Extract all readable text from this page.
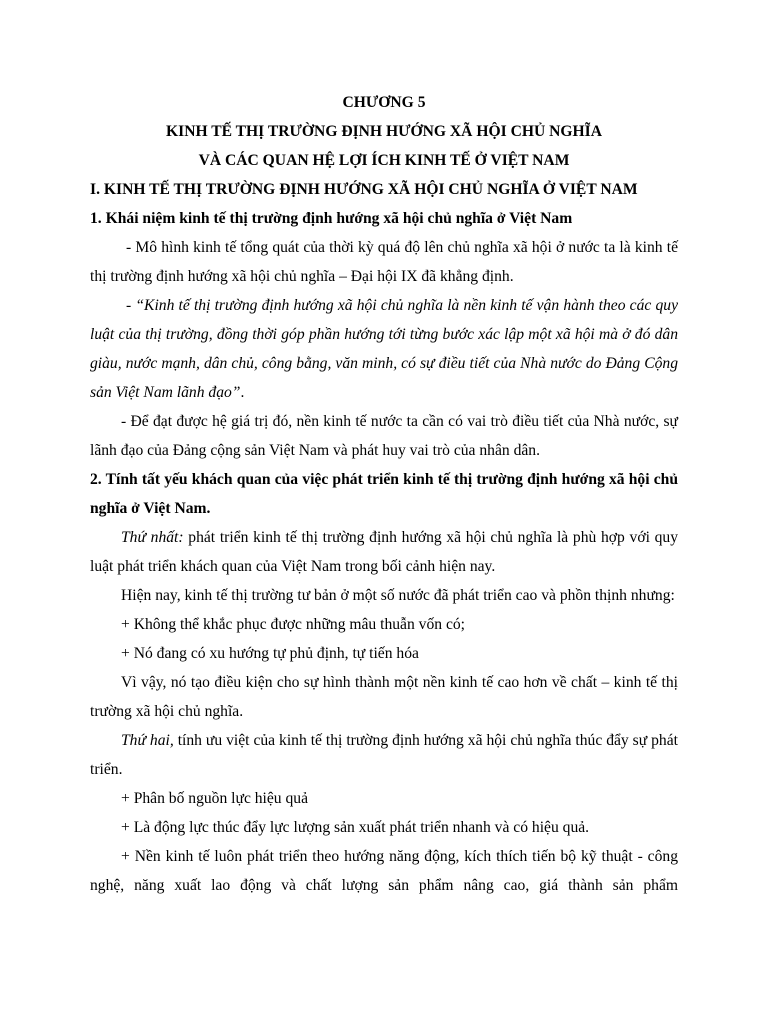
CHƯƠNG 5
KINH TẾ THỊ TRƯỜNG ĐỊNH HƯỚNG XÃ HỘI CHỦ NGHĨA
VÀ CÁC QUAN HỆ LỢI ÍCH KINH TẾ Ở VIỆT NAM
I. KINH TẾ THỊ TRƯỜNG ĐỊNH HƯỚNG XÃ HỘI CHỦ NGHĨA Ở VIỆT NAM
1. Khái niệm kinh tế thị trường định hướng xã hội chủ nghĩa ở Việt Nam

- Mô hình kinh tế tổng quát của thời kỳ quá độ lên chủ nghĩa xã hội ở nước ta là kinh tế thị trường định hướng xã hội chủ nghĩa – Đại hội IX đã khẳng định.

- “Kinh tế thị trường định hướng xã hội chủ nghĩa là nền kinh tế vận hành theo các quy luật của thị trường, đồng thời góp phần hướng tới từng bước xác lập một xã hội mà ở đó dân giàu, nước mạnh, dân chủ, công bằng, văn minh, có sự điều tiết của Nhà nước do Đảng Cộng sản Việt Nam lãnh đạo”.

- Để đạt được hệ giá trị đó, nền kinh tế nước ta cần có vai trò điều tiết của Nhà nước, sự lãnh đạo của Đảng cộng sản Việt Nam và phát huy vai trò của nhân dân.

2. Tính tất yếu khách quan của việc phát triển kinh tế thị trường định hướng xã hội chủ nghĩa ở Việt Nam.

Thứ nhất: phát triển kinh tế thị trường định hướng xã hội chủ nghĩa là phù hợp với quy luật phát triển khách quan của Việt Nam trong bối cảnh hiện nay.

Hiện nay, kinh tế thị trường tư bản ở một số nước đã phát triển cao và phồn thịnh nhưng:

+ Không thể khắc phục được những mâu thuẫn vốn có;

+ Nó đang có xu hướng tự phủ định, tự tiến hóa

Vì vậy, nó tạo điều kiện cho sự hình thành một nền kinh tế cao hơn về chất – kinh tế thị trường xã hội chủ nghĩa.

Thứ hai, tính ưu việt của kinh tế thị trường định hướng xã hội chủ nghĩa thúc đẩy sự phát triển.

+ Phân bố nguồn lực hiệu quả

+ Là động lực thúc đẩy lực lượng sản xuất phát triển nhanh và có hiệu quả.

+ Nền kinh tế luôn phát triển theo hướng năng động, kích thích tiến bộ kỹ thuật - công nghệ, năng xuất lao động và chất lượng sản phẩm nâng cao, giá thành sản phẩm
